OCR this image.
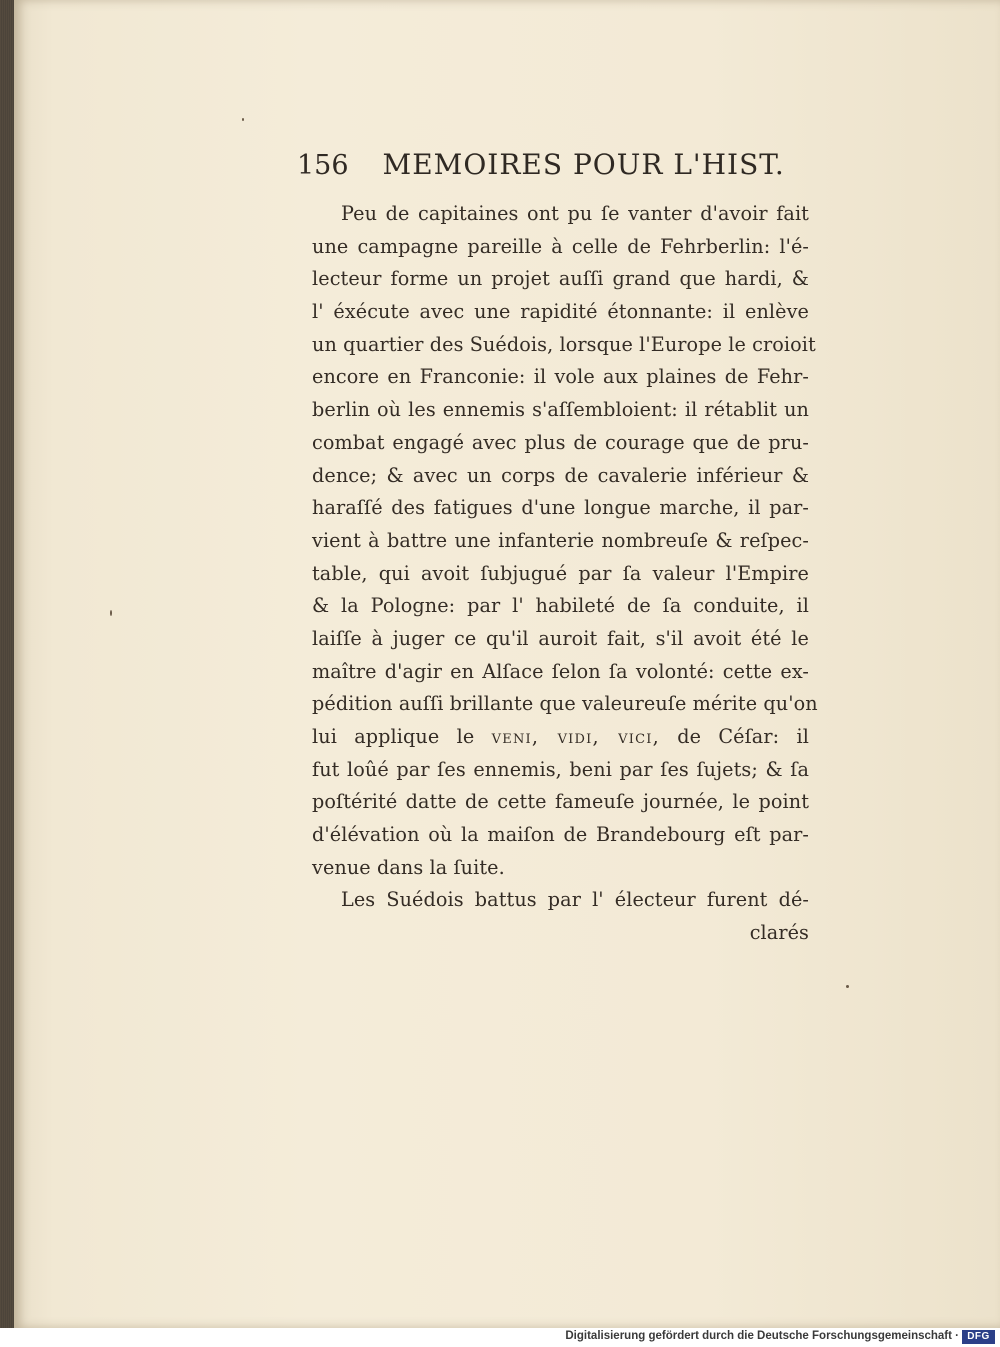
156 MEMOIRES POUR L'HIST.
Peu de capitaines ont pu ſe vanter d'avoir fait
une campagne pareille à celle de Fehrberlin: l'é-
lectеur forme un projet auſſi grand que hardi, &
l' éxécute avec une rapidité étonnante: il enlève
un quartier des Suédois, lorsque l'Europe le croioit
encore en Franconie: il vole aux plaines de Fehr-
berlin où les ennemis s'aſſembloient: il rétablit un
combat engagé avec plus de courage que de pru-
dence; & avec un corps de cavalerie inférieur &
haraſſé des fatigues d'une longue marche, il par-
vient à battre une infanterie nombreuſe & reſpec-
table, qui avoit ſubjugué par ſa valeur l'Empire
& la Pologne: par l' habileté de ſa conduite, il
laiſſe à juger ce qu'il auroit fait, s'il avoit été le
maître d'agir en Alſace ſelon ſa volonté: cette ex-
pédition auſſi brillante que valeureuſe mérite qu'on
lui applique le veni, vidi, vici, de Céſar: il
fut loûé par ſes ennemis, beni par ſes ſujets; & ſa
poſtérité datte de cette fameuſe journée, le point
d'élévation où la maiſon de Brandebourg eſt par-
venue dans la ſuite.
Les Suédois battus par l' électeur furent dé-
clarés
Digitalisierung gefördert durch die Deutsche Forschungsgemeinschaft · DFG
